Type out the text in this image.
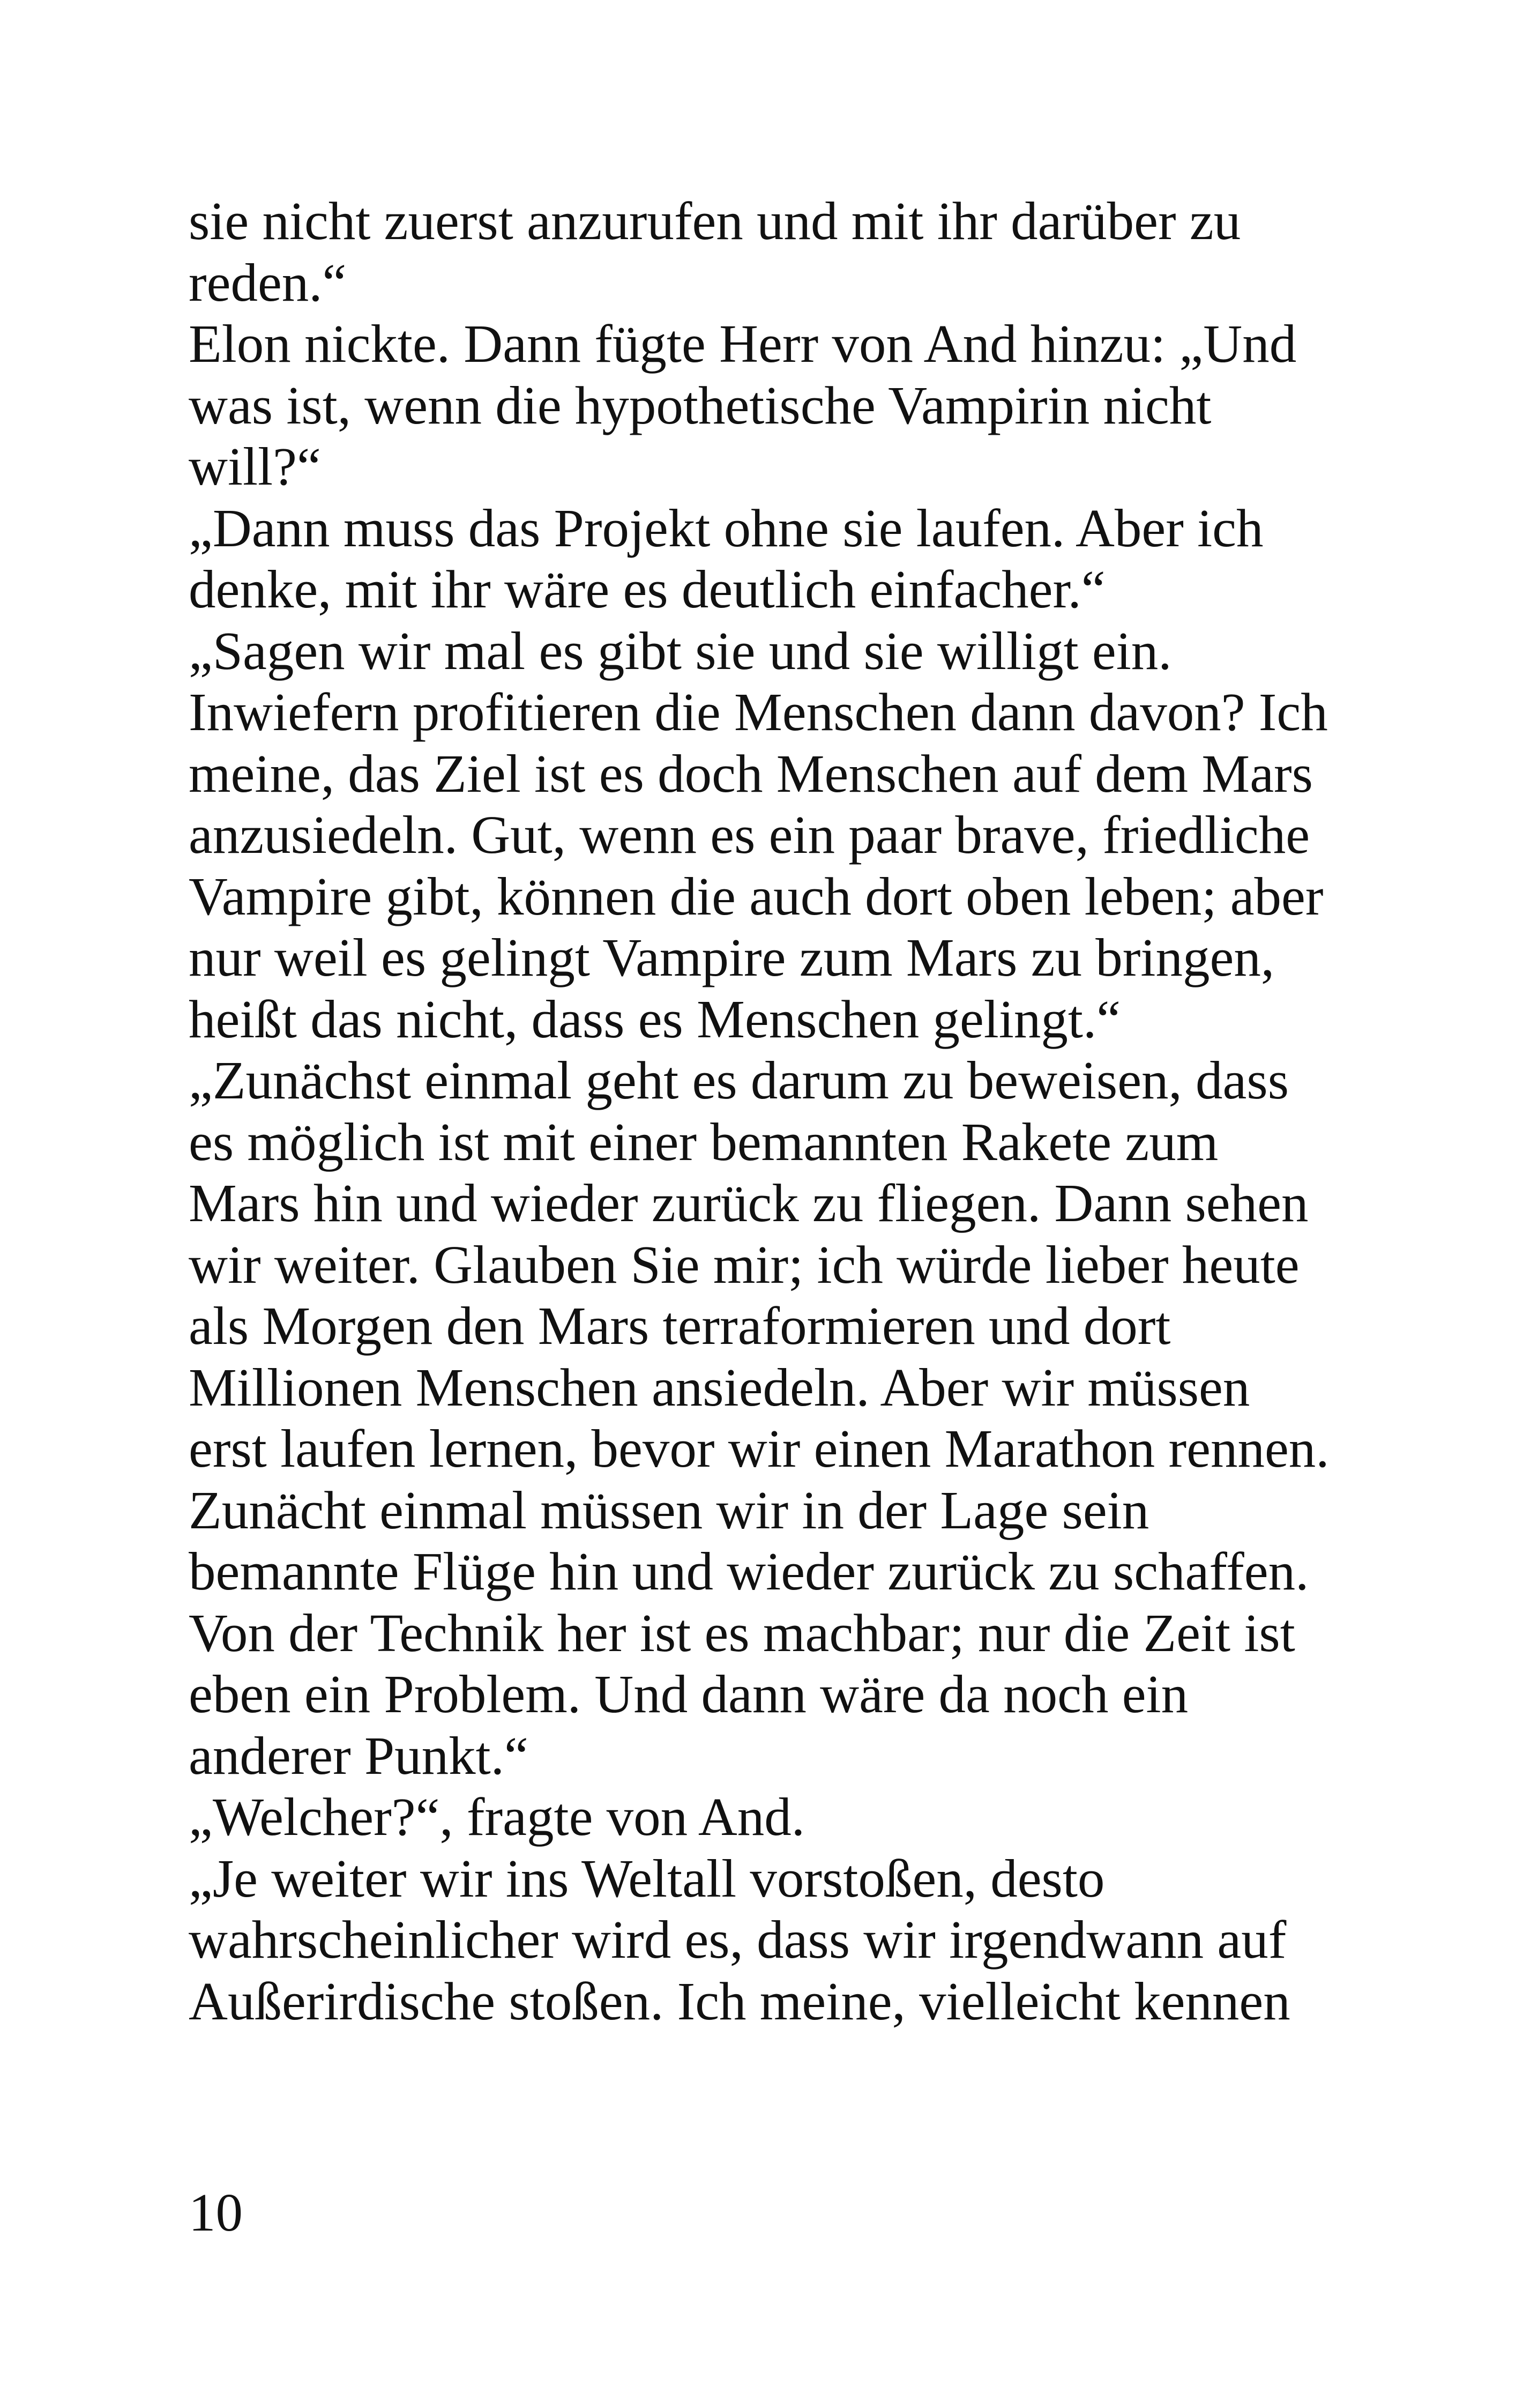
sie nicht zuerst anzurufen und mit ihr darüber zu
reden.“
Elon nickte. Dann fügte Herr von And hinzu: „Und
was ist, wenn die hypothetische Vampirin nicht
will?“
„Dann muss das Projekt ohne sie laufen. Aber ich
denke, mit ihr wäre es deutlich einfacher.“
„Sagen wir mal es gibt sie und sie willigt ein.
Inwiefern profitieren die Menschen dann davon? Ich
meine, das Ziel ist es doch Menschen auf dem Mars
anzusiedeln. Gut, wenn es ein paar brave, friedliche
Vampire gibt, können die auch dort oben leben; aber
nur weil es gelingt Vampire zum Mars zu bringen,
heißt das nicht, dass es Menschen gelingt.“
„Zunächst einmal geht es darum zu beweisen, dass
es möglich ist mit einer bemannten Rakete zum
Mars hin und wieder zurück zu fliegen. Dann sehen
wir weiter. Glauben Sie mir; ich würde lieber heute
als Morgen den Mars terraformieren und dort
Millionen Menschen ansiedeln. Aber wir müssen
erst laufen lernen, bevor wir einen Marathon rennen.
Zunächt einmal müssen wir in der Lage sein
bemannte Flüge hin und wieder zurück zu schaffen.
Von der Technik her ist es machbar; nur die Zeit ist
eben ein Problem. Und dann wäre da noch ein
anderer Punkt.“
„Welcher?“, fragte von And.
„Je weiter wir ins Weltall vorstoßen, desto
wahrscheinlicher wird es, dass wir irgendwann auf
Außerirdische stoßen. Ich meine, vielleicht kennen
10
